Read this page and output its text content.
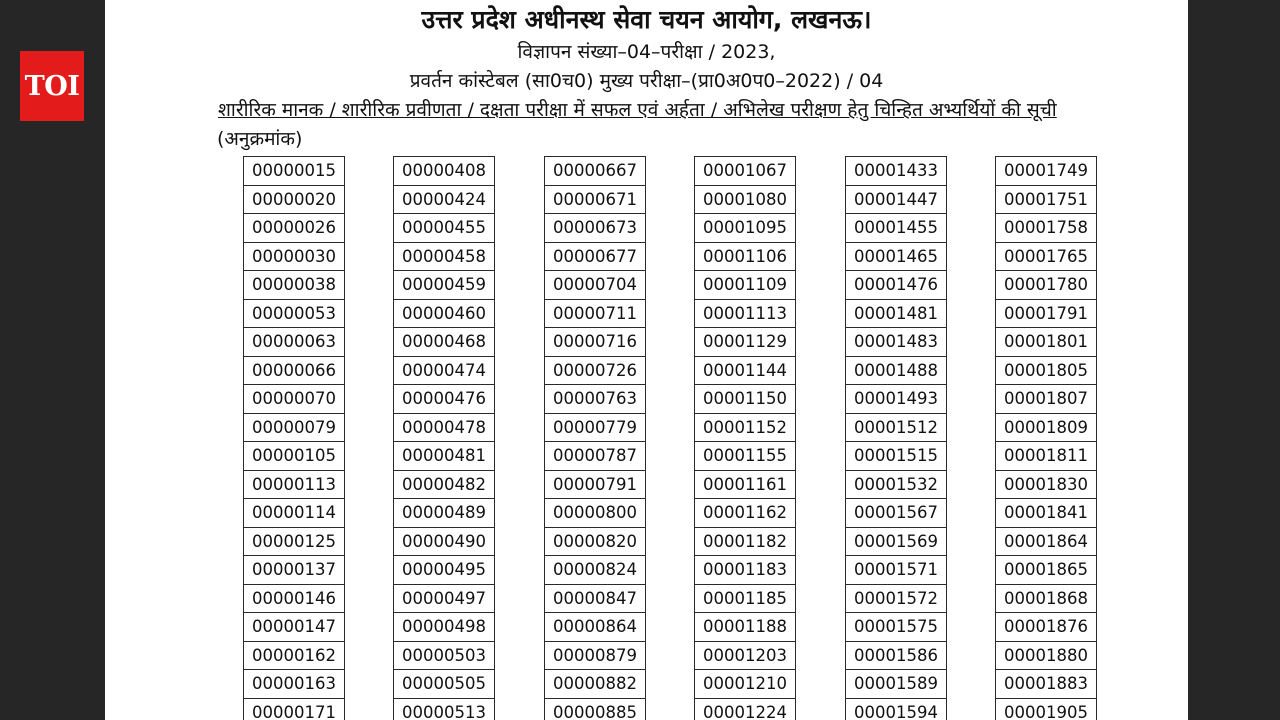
TOI
उत्तर प्रदेश अधीनस्थ सेवा चयन आयोग, लखनऊ।
विज्ञापन संख्या–04–परीक्षा / 2023,
प्रवर्तन कांस्टेबल (सा0च0) मुख्य परीक्षा–(प्रा0अ0प0–2022) / 04
शारीरिक मानक / शारीरिक प्रवीणता / दक्षता परीक्षा में सफल एवं अर्हता / अभिलेख परीक्षण हेतु चिन्हित अभ्यर्थियों की सूची
(अनुक्रमांक)
00000015
00000020
00000026
00000030
00000038
00000053
00000063
00000066
00000070
00000079
00000105
00000113
00000114
00000125
00000137
00000146
00000147
00000162
00000163
00000171
00000408
00000424
00000455
00000458
00000459
00000460
00000468
00000474
00000476
00000478
00000481
00000482
00000489
00000490
00000495
00000497
00000498
00000503
00000505
00000513
00000667
00000671
00000673
00000677
00000704
00000711
00000716
00000726
00000763
00000779
00000787
00000791
00000800
00000820
00000824
00000847
00000864
00000879
00000882
00000885
00001067
00001080
00001095
00001106
00001109
00001113
00001129
00001144
00001150
00001152
00001155
00001161
00001162
00001182
00001183
00001185
00001188
00001203
00001210
00001224
00001433
00001447
00001455
00001465
00001476
00001481
00001483
00001488
00001493
00001512
00001515
00001532
00001567
00001569
00001571
00001572
00001575
00001586
00001589
00001594
00001749
00001751
00001758
00001765
00001780
00001791
00001801
00001805
00001807
00001809
00001811
00001830
00001841
00001864
00001865
00001868
00001876
00001880
00001883
00001905
